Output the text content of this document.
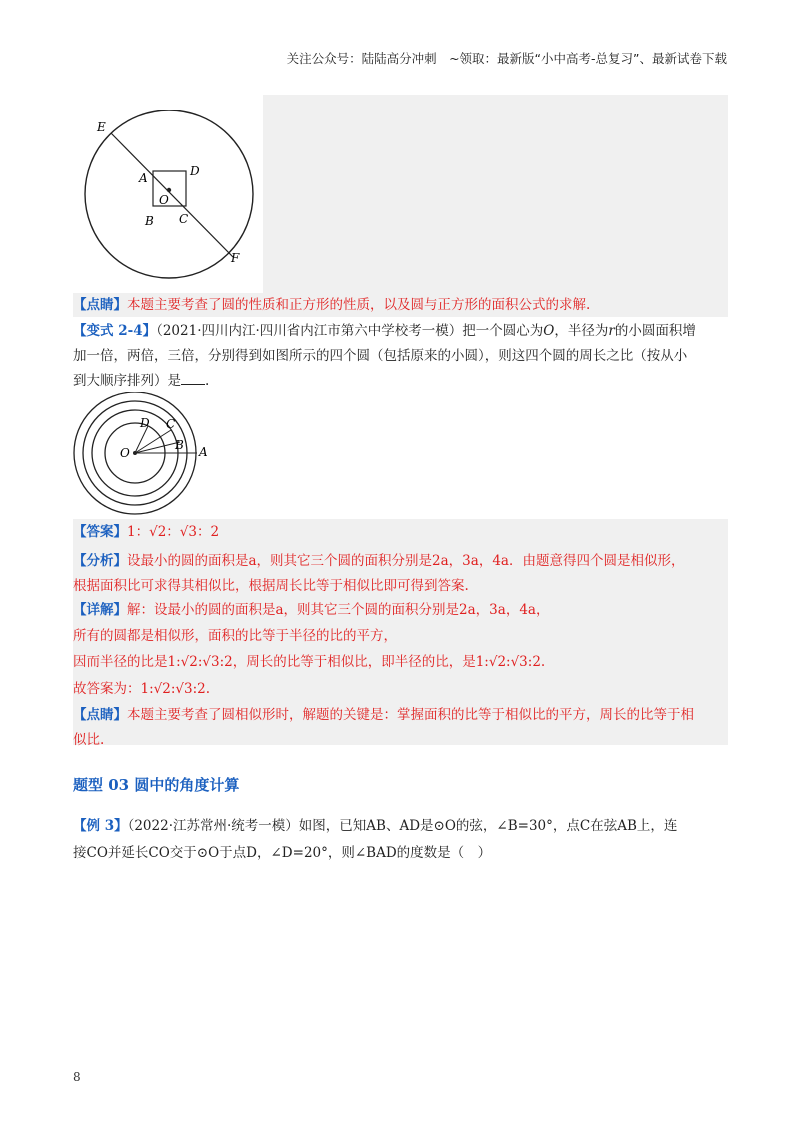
关注公众号：陆陆高分冲刺　~领取：最新版“小中高考-总复习”、最新试卷下载
E
A	D
O
B C
F
【点睛】本题主要考查了圆的性质和正方形的性质，以及圆与正方形的面积公式的求解.
【变式 2-4】（2021·四川内江·四川省内江市第六中学校考一模）把一个圆心为O，半径为r的小圆面积增
加一倍，两倍，三倍，分别得到如图所示的四个圆（包括原来的小圆），则这四个圆的周长之比（按从小
到大顺序排列）是 .
O
D C
B A
【答案】1：√2：√3：2
【分析】设最小的圆的面积是a，则其它三个圆的面积分别是2a，3a，4a．由题意得四个圆是相似形，
根据面积比可求得其相似比，根据周长比等于相似比即可得到答案.
【详解】解：设最小的圆的面积是a，则其它三个圆的面积分别是2a，3a，4a，
所有的圆都是相似形，面积的比等于半径的比的平方，
因而半径的比是1:√2:√3:2，周长的比等于相似比，即半径的比，是1:√2:√3:2.
故答案为：1:√2:√3:2.
【点睛】本题主要考查了圆相似形时，解题的关键是：掌握面积的比等于相似比的平方，周长的比等于相
似比.
题型 03 圆中的角度计算
【例 3】（2022·江苏常州·统考一模）如图，已知AB、AD是⊙O的弦，∠B=30°，点C在弦AB上，连
接CO并延长CO交于⊙O于点D，∠D=20°，则∠BAD的度数是（　）
8
